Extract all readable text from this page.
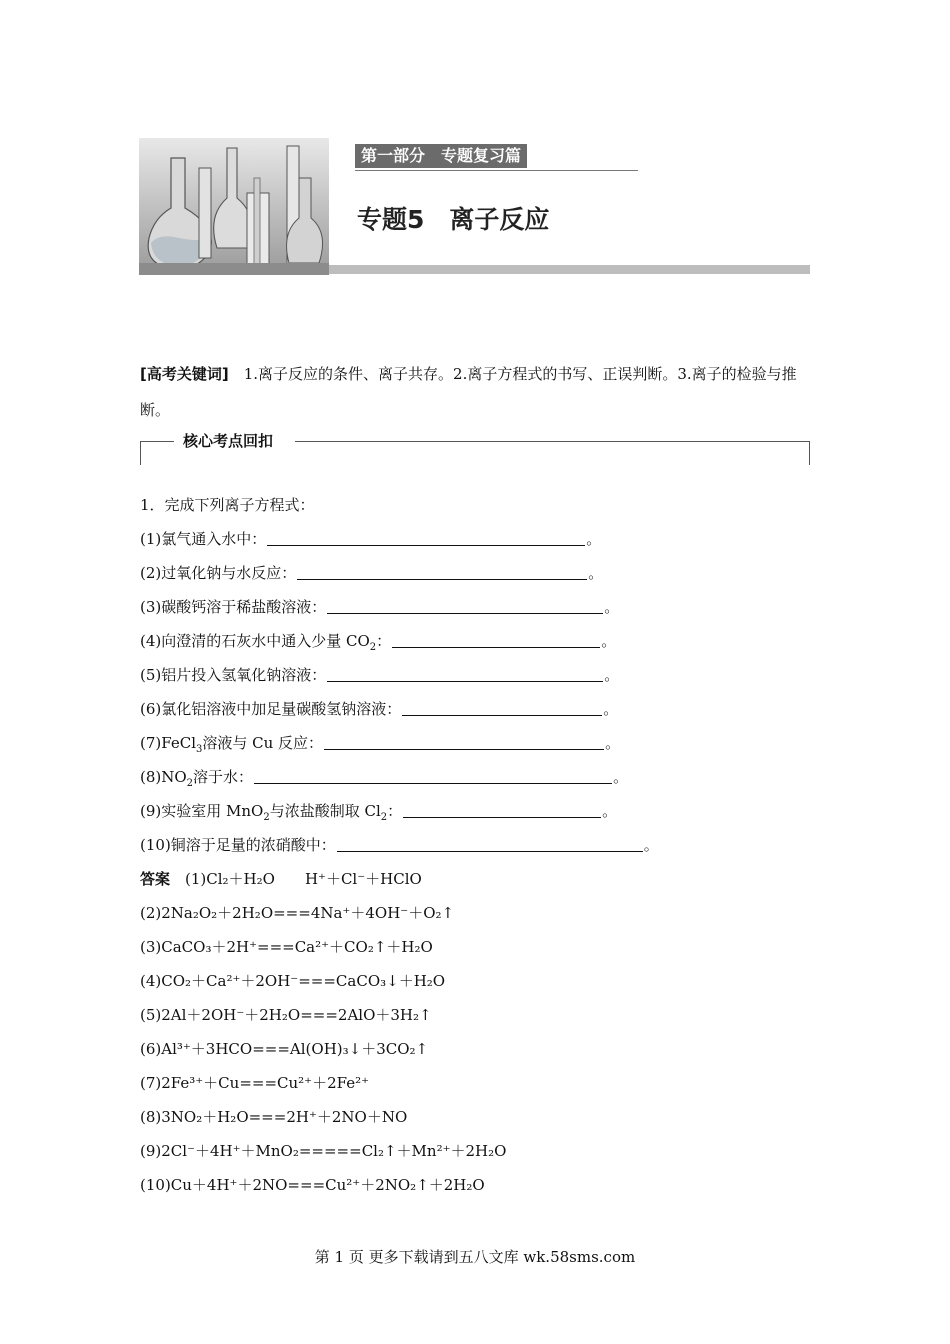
第一部分　专题复习篇
专题5　离子反应
[高考关键词]　1.离子反应的条件、离子共存。2.离子方程式的书写、正误判断。3.离子的检验与推断。
核心考点回扣
1．完成下列离子方程式：
(1)氯气通入水中：	。
(2)过氧化钠与水反应：	。
(3)碳酸钙溶于稀盐酸溶液：	。
(4)向澄清的石灰水中通入少量 $CO_2$：	。
(5)铝片投入氢氧化钠溶液：	。
(6)氯化铝溶液中加足量碳酸氢钠溶液：	。
(7)FeCl$_3$溶液与 Cu 反应：	。
$(8)NO_2$溶于水：	。
(9)实验室用 MnO$_2$与浓盐酸制取 $Cl_2$：	。
(10)铜溶于足量的浓硝酸中：	。
答案　(1)Cl₂＋H₂O　　H⁺＋Cl⁻＋HClO
(2)2Na₂O₂＋2H₂O===4Na⁺＋4OH⁻＋O₂↑
(3)CaCO₃＋2H⁺===Ca²⁺＋CO₂↑＋H₂O
(4)CO₂＋Ca²⁺＋2OH⁻===CaCO₃↓＋H₂O
(5)2Al＋2OH⁻＋2H₂O===2AlO＋3H₂↑
(6)Al³⁺＋3HCO===Al(OH)₃↓＋3CO₂↑
(7)2Fe³⁺＋Cu===Cu²⁺＋2Fe²⁺
(8)3NO₂＋H₂O===2H⁺＋2NO＋NO
(9)2Cl⁻＋4H⁺＋MnO₂=====Cl₂↑＋Mn²⁺＋2H₂O
(10)Cu＋4H⁺＋2NO===Cu²⁺＋2NO₂↑＋2H₂O
第 1 页 更多下载请到五八文库 wk.58sms.com
